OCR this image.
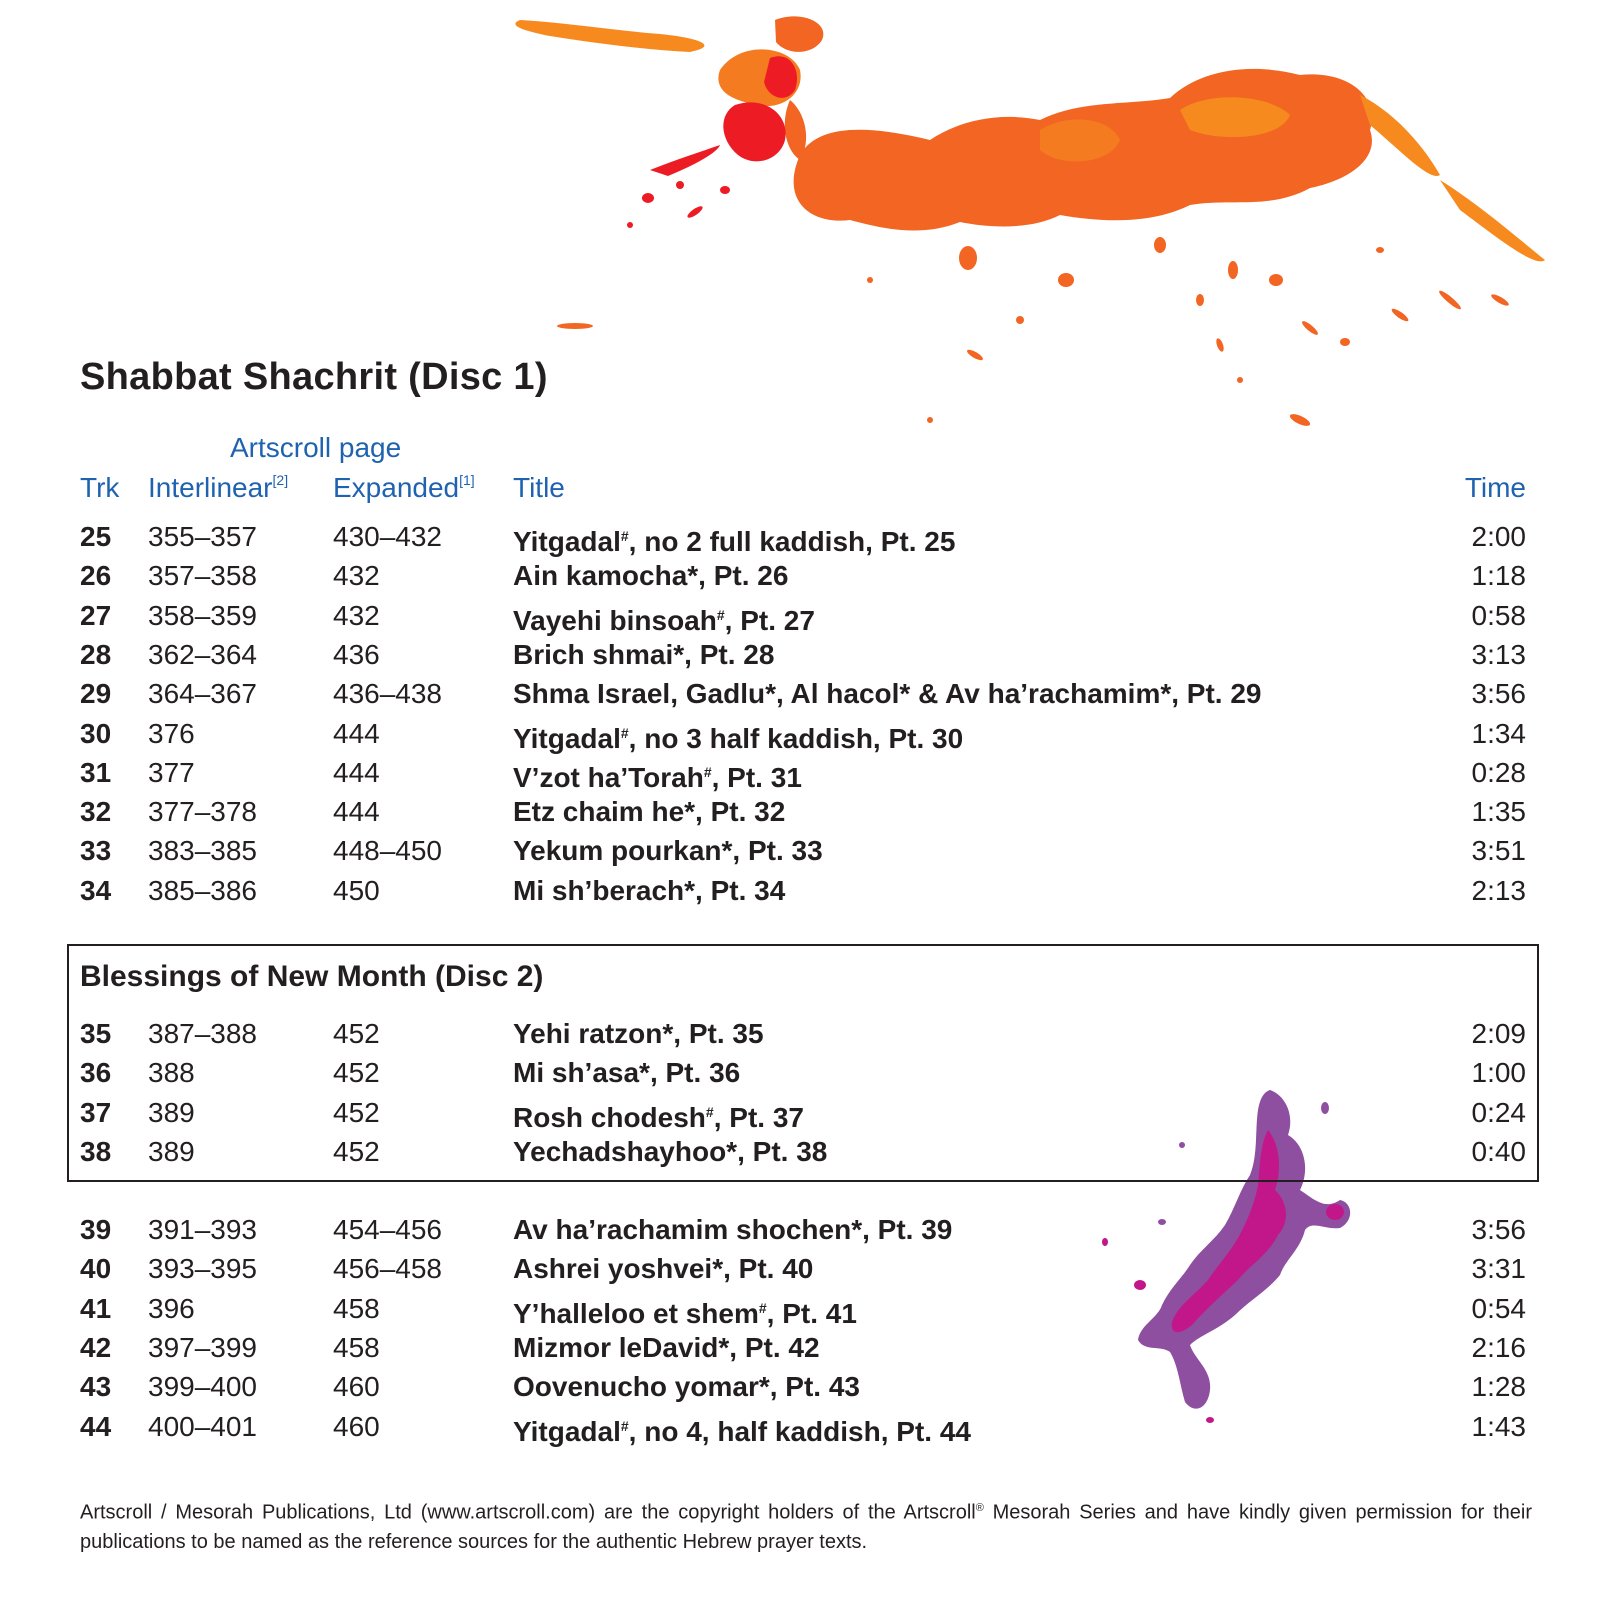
Shabbat Shachrit (Disc 1)
Artscroll page
Trk Interlinear[2] Expanded[1] Title	Time
25 355–357	430–432	Yitgadal#, no 2 full kaddish, Pt. 25	2:00
26 357–358	432	Ain kamocha*, Pt. 26	1:18
27 358–359	432	Vayehi binsoah#, Pt. 27	0:58
28 362–364	436	Brich shmai*, Pt. 28	3:13
29 364–367	436–438	Shma Israel, Gadlu*, Al hacol* & Av ha’rachamim*, Pt. 29	3:56
30 376	444	Yitgadal#, no 3 half kaddish, Pt. 30	1:34
31 377	444	V’zot ha’Torah#, Pt. 31	0:28
32 377–378	444	Etz chaim he*, Pt. 32	1:35
33 383–385	448–450	Yekum pourkan*, Pt. 33	3:51
34 385–386	450	Mi sh’berach*, Pt. 34	2:13
Blessings of New Month (Disc 2)
35 387–388	452	Yehi ratzon*, Pt. 35	2:09
36 388	452	Mi sh’asa*, Pt. 36	1:00
37 389	452	Rosh chodesh#, Pt. 37	0:24
38 389	452	Yechadshayhoo*, Pt. 38	0:40
39 391–393	454–456	Av ha’rachamim shochen*, Pt. 39	3:56
40 393–395	456–458	Ashrei yoshvei*, Pt. 40	3:31
41 396	458	Y’halleloo et shem#, Pt. 41	0:54
42 397–399	458	Mizmor leDavid*, Pt. 42	2:16
43 399–400	460	Oovenucho yomar*, Pt. 43	1:28
44 400–401	460	Yitgadal#, no 4, half kaddish, Pt. 44	1:43

Artscroll / Mesorah Publications, Ltd (www.artscroll.com) are the copyright holders of the Artscroll® Mesorah Series and have kindly given permission for their publications to be named as the reference sources for the authentic Hebrew prayer texts.
